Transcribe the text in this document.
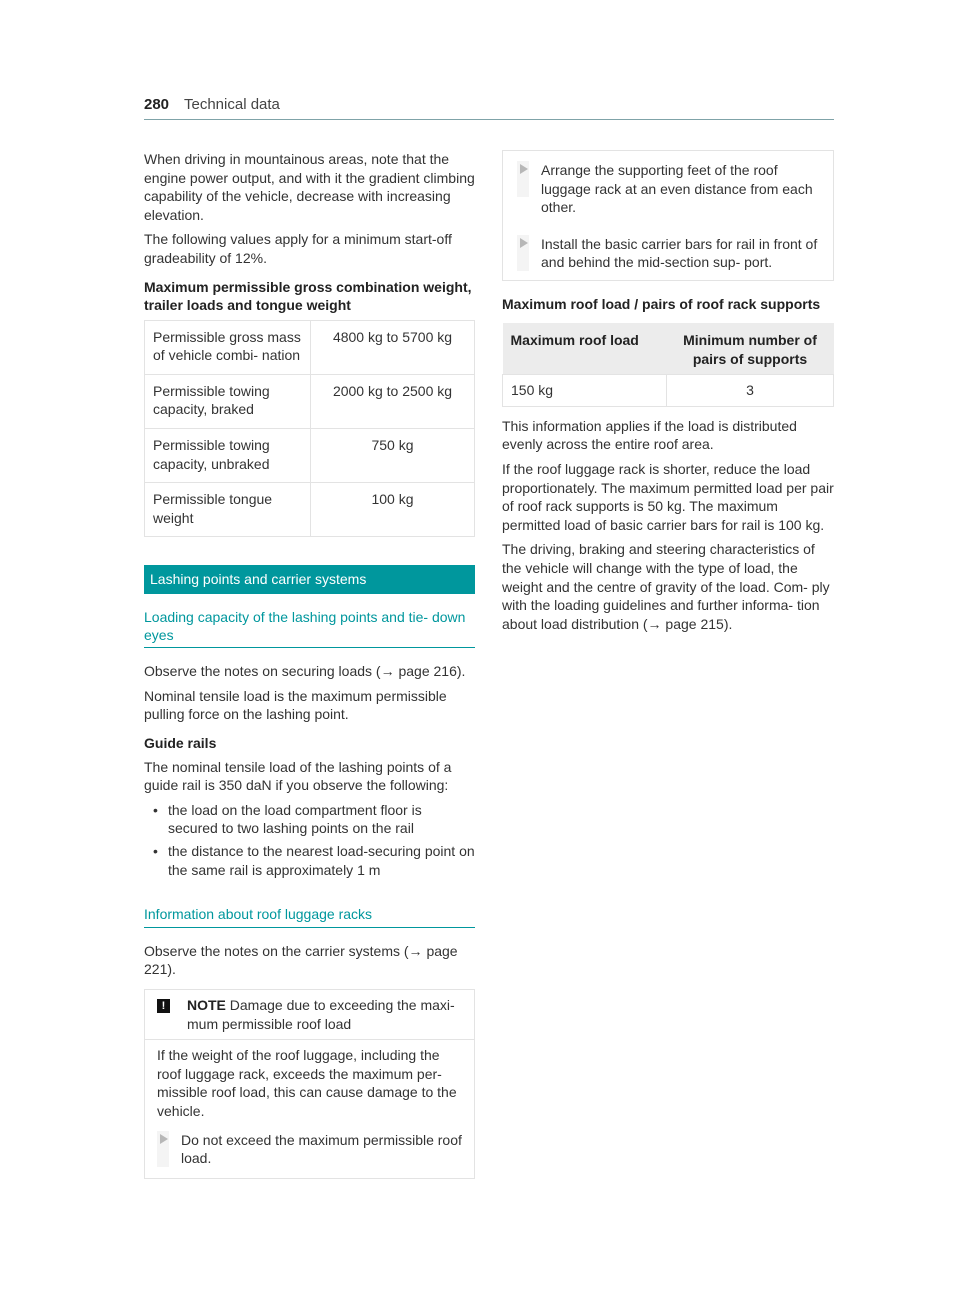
280 Technical data

When driving in mountainous areas, note that the engine power output, and with it the gradient climbing capability of the vehicle, decrease with increasing elevation.

The following values apply for a minimum start-off gradeability of 12%.

Maximum permissible gross combination weight, trailer loads and tongue weight
Permissible gross mass of vehicle combi- nation	4800 kg to 5700 kg
Permissible towing capacity, braked	2000 kg to 2500 kg
Permissible towing capacity, unbraked	750 kg
Permissible tongue weight	100 kg
Lashing points and carrier systems
Loading capacity of the lashing points and tie- down eyes

Observe the notes on securing loads (→ page 216).

Nominal tensile load is the maximum permissible pulling force on the lashing point.

Guide rails

The nominal tensile load of the lashing points of a guide rail is 350 daN if you observe the following:

• the load on the load compartment floor is secured to two lashing points on the rail
• the distance to the nearest load-securing point on the same rail is approximately 1 m
Information about roof luggage racks

Observe the notes on the carrier systems (→ page 221).

!	NOTE Damage due to exceeding the maxi- mum permissible roof load

If the weight of the roof luggage, including the roof luggage rack, exceeds the maximum per- missible roof load, this can cause damage to the vehicle.

Do not exceed the maximum permissible roof load.
Arrange the supporting feet of the roof luggage rack at an even distance from each other.
Install the basic carrier bars for rail in front of and behind the mid-section sup- port.
Maximum roof load / pairs of roof rack supports
Maximum roof load	Minimum number of pairs of supports
150 kg	3

This information applies if the load is distributed evenly across the entire roof area.

If the roof luggage rack is shorter, reduce the load proportionately. The maximum permitted load per pair of roof rack supports is 50 kg. The maximum permitted load of basic carrier bars for rail is 100 kg.

The driving, braking and steering characteristics of the vehicle will change with the type of load, the weight and the centre of gravity of the load. Com- ply with the loading guidelines and further informa- tion about load distribution (→ page 215).
